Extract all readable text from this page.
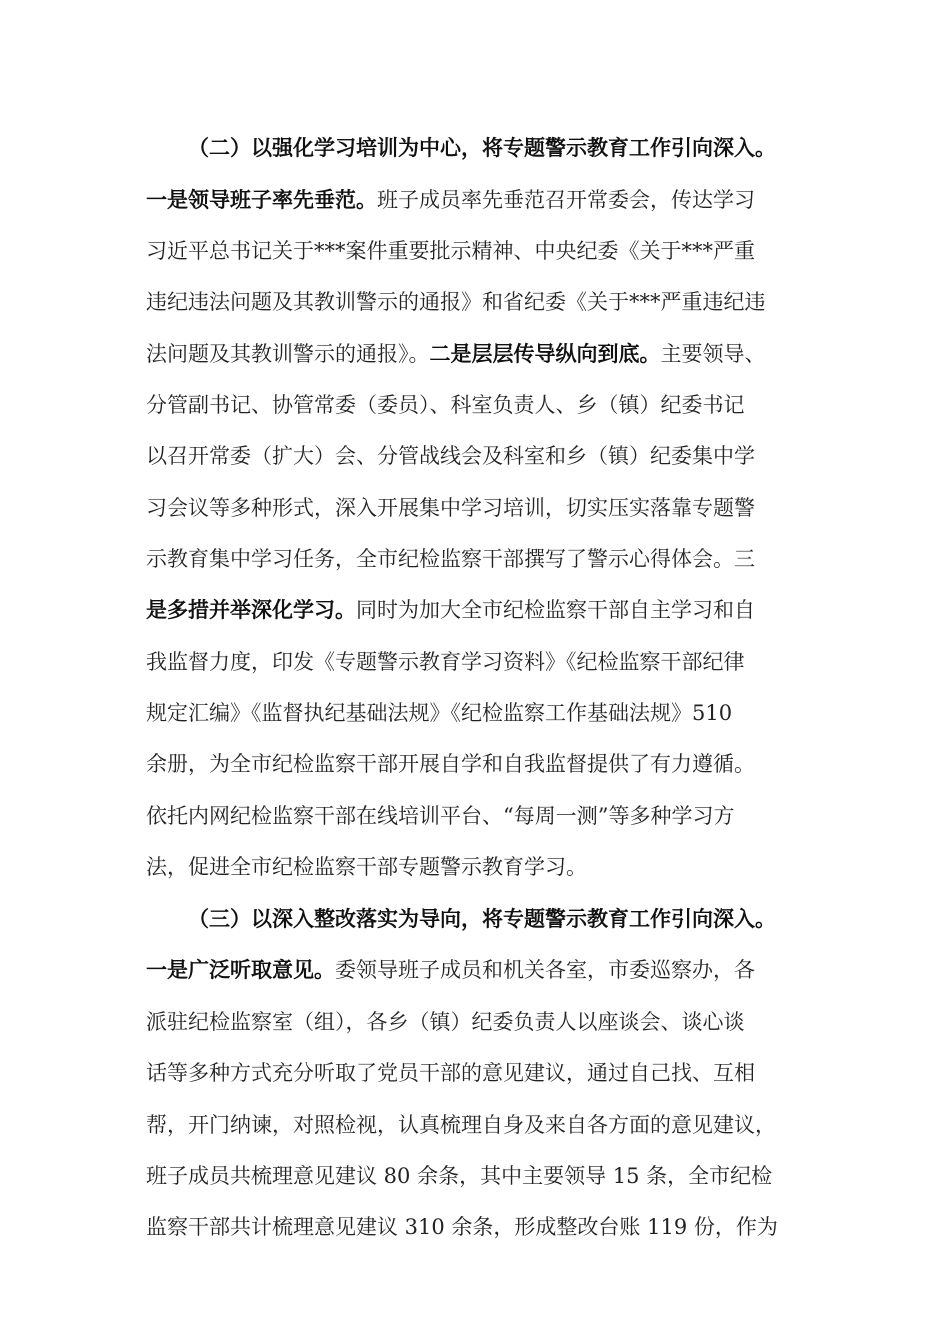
（二）以强化学习培训为中心，将专题警示教育工作引向深入。
一是领导班子率先垂范。班子成员率先垂范召开常委会，传达学习
习近平总书记关于***案件重要批示精神、中央纪委《关于***严重
违纪违法问题及其教训警示的通报》和省纪委《关于***严重违纪违
法问题及其教训警示的通报》。二是层层传导纵向到底。主要领导、
分管副书记、协管常委（委员）、科室负责人、乡（镇）纪委书记
以召开常委（扩大）会、分管战线会及科室和乡（镇）纪委集中学
习会议等多种形式，深入开展集中学习培训，切实压实落靠专题警
示教育集中学习任务，全市纪检监察干部撰写了警示心得体会。三
是多措并举深化学习。同时为加大全市纪检监察干部自主学习和自
我监督力度，印发《专题警示教育学习资料》《纪检监察干部纪律
规定汇编》《监督执纪基础法规》《纪检监察工作基础法规》510
余册，为全市纪检监察干部开展自学和自我监督提供了有力遵循。
依托内网纪检监察干部在线培训平台、“每周一测”等多种学习方
法，促进全市纪检监察干部专题警示教育学习。
（三）以深入整改落实为导向，将专题警示教育工作引向深入。
一是广泛听取意见。委领导班子成员和机关各室，市委巡察办，各
派驻纪检监察室（组），各乡（镇）纪委负责人以座谈会、谈心谈
话等多种方式充分听取了党员干部的意见建议，通过自己找、互相
帮，开门纳谏，对照检视，认真梳理自身及来自各方面的意见建议，
班子成员共梳理意见建议 80 余条，其中主要领导 15 条，全市纪检
监察干部共计梳理意见建议 310 余条，形成整改台账 119 份，作为
